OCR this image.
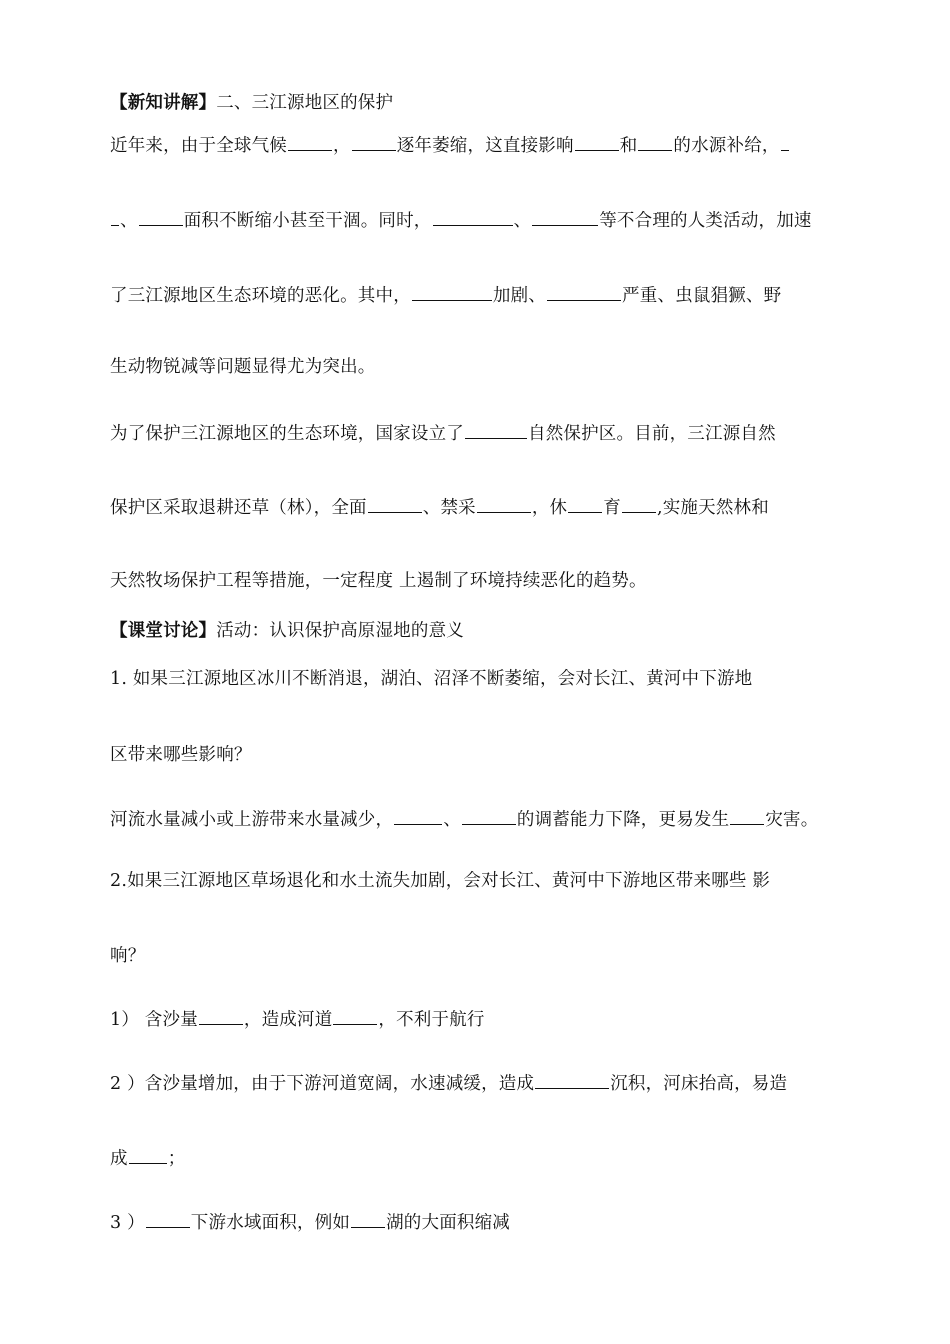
【新知讲解】二、三江源地区的保护
近年来，由于全球气候	，	逐年萎缩，这直接影响	和 的水源补给，
、	面积不断缩小甚至干涸。同时，	、	等不合理的人类活动，加速
了三江源地区生态环境的恶化。其中，	加剧、	严重、虫鼠猖獗、野
生动物锐减等问题显得尤为突出。
为了保护三江源地区的生态环境，国家设立了	自然保护区。目前，三江源自然
保护区采取退耕还草（林），全面	、禁采	，休 育 ,实施天然林和
天然牧场保护工程等措施，一定程度 上遏制了环境持续恶化的趋势。
【课堂讨论】活动：认识保护高原湿地的意义
1. 如果三江源地区冰川不断消退，湖泊、沼泽不断萎缩，会对长江、黄河中下游地
区带来哪些影响？
河流水量减小或上游带来水量减少，	、	的调蓄能力下降，更易发生 灾害。
2.如果三江源地区草场退化和水土流失加剧，会对长江、黄河中下游地区带来哪些 影
响？
1） 含沙量	，造成河道	，不利于航行
2 ）含沙量增加，由于下游河道宽阔，水速减缓，造成	沉积，河床抬高，易造
成 ；
3 ）	下游水域面积，例如 湖的大面积缩减
